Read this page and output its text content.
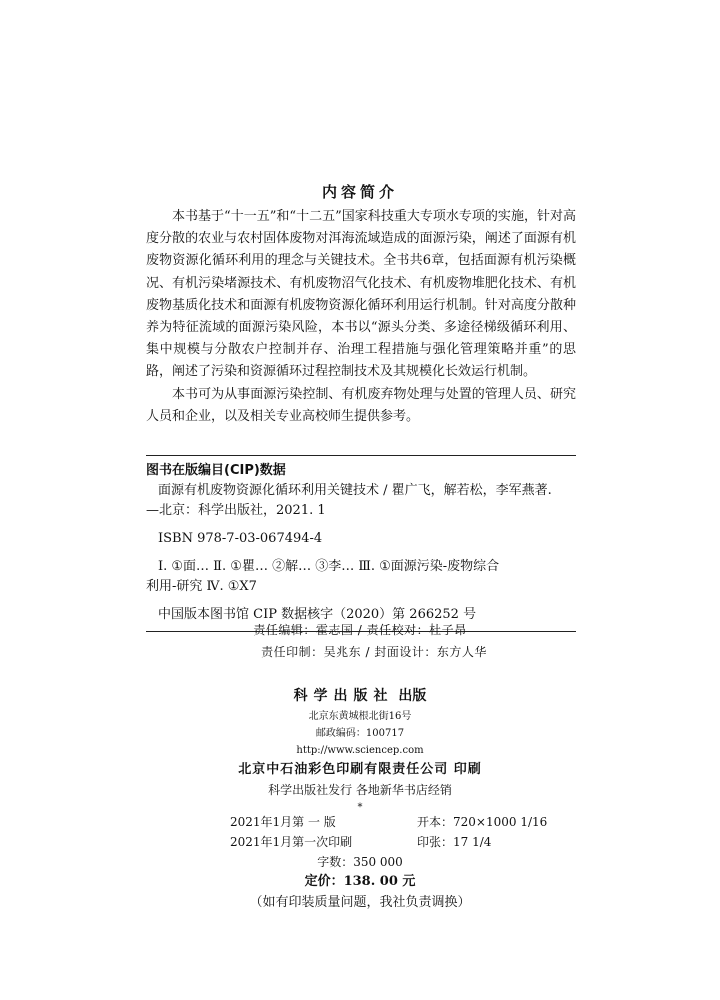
内容简介

本书基于“十一五”和“十二五”国家科技重大专项水专项的实施，针对高度分散的农业与农村固体废物对洱海流域造成的面源污染，阐述了面源有机废物资源化循环利用的理念与关键技术。全书共6章，包括面源有机污染概况、有机污染堵源技术、有机废物沼气化技术、有机废物堆肥化技术、有机废物基质化技术和面源有机废物资源化循环利用运行机制。针对高度分散种养为特征流域的面源污染风险，本书以“源头分类、多途径梯级循环利用、集中规模与分散农户控制并存、治理工程措施与强化管理策略并重”的思路，阐述了污染和资源循环过程控制技术及其规模化长效运行机制。

本书可为从事面源污染控制、有机废弃物处理与处置的管理人员、研究人员和企业，以及相关专业高校师生提供参考。

图书在版编目(CIP)数据
面源有机废物资源化循环利用关键技术 / 瞿广飞，解若松，李军燕著.
—北京：科学出版社，2021. 1
ISBN 978-7-03-067494-4
Ⅰ. ①面… Ⅱ. ①瞿… ②解… ③李… Ⅲ. ①面源污染-废物综合
利用-研究 Ⅳ. ①X7
中国版本图书馆 CIP 数据核字（2020）第 266252 号
责任编辑：霍志国 / 责任校对：杜子昂
责任印制：吴兆东 / 封面设计：东方人华
科学出版社 出版
北京东黄城根北街16号
邮政编码：100717
http://www.sciencep.com
北京中石油彩色印刷有限责任公司 印刷
科学出版社发行 各地新华书店经销
*
2021年1月第 一 版	开本：720×1000 1/16
2021年1月第一次印刷	印张：17 1/4
字数：350 000
定价：138. 00 元
（如有印装质量问题，我社负责调换）
